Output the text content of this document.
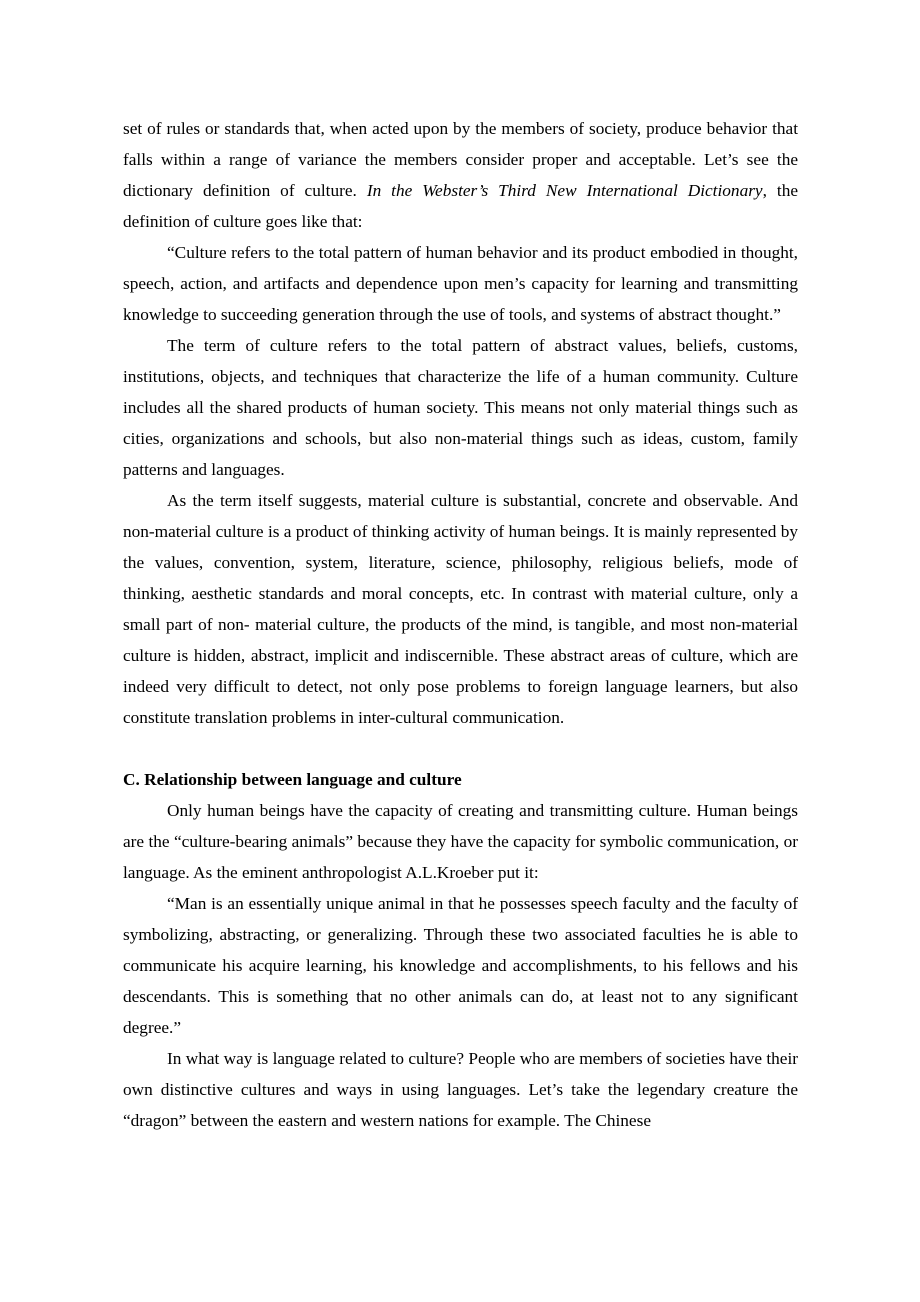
set of rules or standards that, when acted upon by the members of society, produce behavior that falls within a range of variance the members consider proper and acceptable. Let’s see the dictionary definition of culture. In the Webster’s Third New International Dictionary, the definition of culture goes like that:

“Culture refers to the total pattern of human behavior and its product embodied in thought, speech, action, and artifacts and dependence upon men’s capacity for learning and transmitting knowledge to succeeding generation through the use of tools, and systems of abstract thought.”

The term of culture refers to the total pattern of abstract values, beliefs, customs, institutions, objects, and techniques that characterize the life of a human community. Culture includes all the shared products of human society. This means not only material things such as cities, organizations and schools, but also non-material things such as ideas, custom, family patterns and languages.

As the term itself suggests, material culture is substantial, concrete and observable. And non-material culture is a product of thinking activity of human beings. It is mainly represented by the values, convention, system, literature, science, philosophy, religious beliefs, mode of thinking, aesthetic standards and moral concepts, etc. In contrast with material culture, only a small part of non- material culture, the products of the mind, is tangible, and most non-material culture is hidden, abstract, implicit and indiscernible. These abstract areas of culture, which are indeed very difficult to detect, not only pose problems to foreign language learners, but also constitute translation problems in inter-cultural communication.

C. Relationship between language and culture

Only human beings have the capacity of creating and transmitting culture. Human beings are the “culture-bearing animals” because they have the capacity for symbolic communication, or language. As the eminent anthropologist A.L.Kroeber put it:

“Man is an essentially unique animal in that he possesses speech faculty and the faculty of symbolizing, abstracting, or generalizing. Through these two associated faculties he is able to communicate his acquire learning, his knowledge and accomplishments, to his fellows and his descendants. This is something that no other animals can do, at least not to any significant degree.”

In what way is language related to culture? People who are members of societies have their own distinctive cultures and ways in using languages. Let’s take the legendary creature the “dragon” between the eastern and western nations for example. The Chinese
